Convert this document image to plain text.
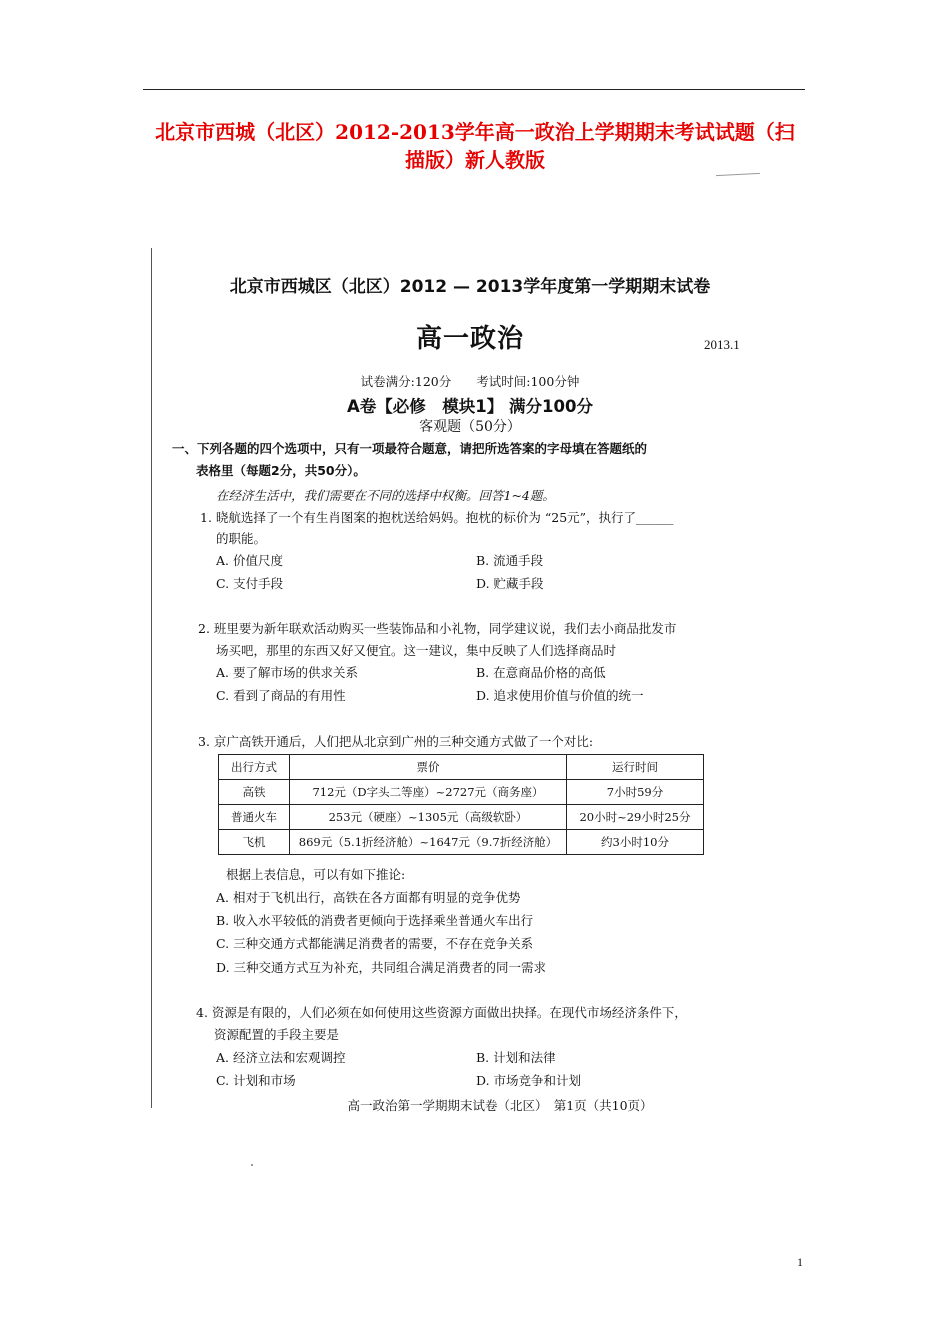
北京市西城（北区）2012-2013学年高一政治上学期期末考试试题（扫
描版）新人教版
北京市西城区（北区）2012 — 2013学年度第一学期期末试卷
高一政治	2013.1
试卷满分:120分　　考试时间:100分钟
A卷【必修　模块1】 满分100分
客观题（50分）
一、下列各题的四个选项中，只有一项最符合题意，请把所选答案的字母填在答题纸的
表格里（每题2分，共50分）。
在经济生活中，我们需要在不同的选择中权衡。回答1~4题。
1. 晓航选择了一个有生肖图案的抱枕送给妈妈。抱枕的标价为 “25元”，执行了______
的职能。
A. 价值尺度	B. 流通手段
C. 支付手段	D. 贮藏手段
2. 班里要为新年联欢活动购买一些装饰品和小礼物，同学建议说，我们去小商品批发市
场买吧，那里的东西又好又便宜。这一建议，集中反映了人们选择商品时
A. 要了解市场的供求关系	B. 在意商品价格的高低
C. 看到了商品的有用性	D. 追求使用价值与价值的统一
3. 京广高铁开通后，人们把从北京到广州的三种交通方式做了一个对比:
出行方式	票价	运行时间
高铁	712元（D字头二等座）~2727元（商务座）	7小时59分
普通火车	253元（硬座）~1305元（高级软卧）	20小时~29小时25分
飞机	869元（5.1折经济舱）~1647元（9.7折经济舱）	约3小时10分
根据上表信息，可以有如下推论:
A. 相对于飞机出行，高铁在各方面都有明显的竞争优势
B. 收入水平较低的消费者更倾向于选择乘坐普通火车出行
C. 三种交通方式都能满足消费者的需要，不存在竞争关系
D. 三种交通方式互为补充，共同组合满足消费者的同一需求
4. 资源是有限的，人们必须在如何使用这些资源方面做出抉择。在现代市场经济条件下，
资源配置的手段主要是
A. 经济立法和宏观调控	B. 计划和法律
C. 计划和市场	D. 市场竞争和计划
高一政治第一学期期末试卷（北区）　第1页（共10页）
1
